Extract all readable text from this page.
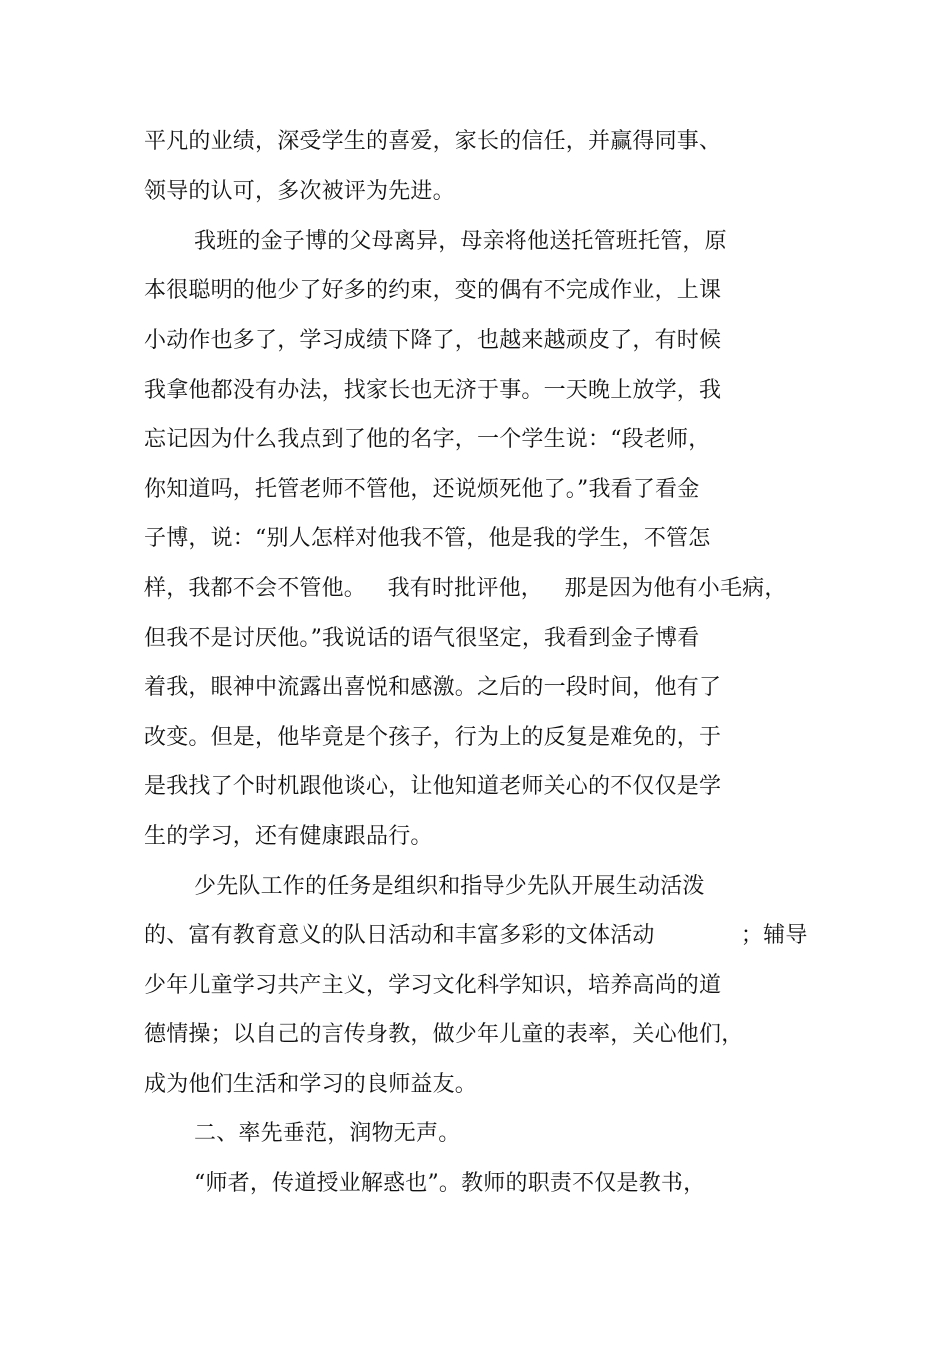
平凡的业绩，深受学生的喜爱，家长的信任，并赢得同事、
领导的认可，多次被评为先进。
我班的金子博的父母离异，母亲将他送托管班托管，原
本很聪明的他少了好多的约束，变的偶有不完成作业，上课
小动作也多了，学习成绩下降了，也越来越顽皮了，有时候
我拿他都没有办法，找家长也无济于事。一天晚上放学，我
忘记因为什么我点到了他的名字，一个学生说：“段老师，
你知道吗，托管老师不管他，还说烦死他了。”我看了看金
子博，说：“别人怎样对他我不管，他是我的学生，不管怎
样，我都不会不管他。   我有时批评他，   那是因为他有小毛病，
但我不是讨厌他。”我说话的语气很坚定，我看到金子博看
着我，眼神中流露出喜悦和感激。之后的一段时间，他有了
改变。但是，他毕竟是个孩子，行为上的反复是难免的，于
是我找了个时机跟他谈心，让他知道老师关心的不仅仅是学
生的学习，还有健康跟品行。
少先队工作的任务是组织和指导少先队开展生动活泼
的、富有教育意义的队日活动和丰富多彩的文体活动            ；辅导
少年儿童学习共产主义，学习文化科学知识，培养高尚的道
德情操；以自己的言传身教，做少年儿童的表率，关心他们，
成为他们生活和学习的良师益友。
二、率先垂范，润物无声。
“师者，传道授业解惑也”。教师的职责不仅是教书，
